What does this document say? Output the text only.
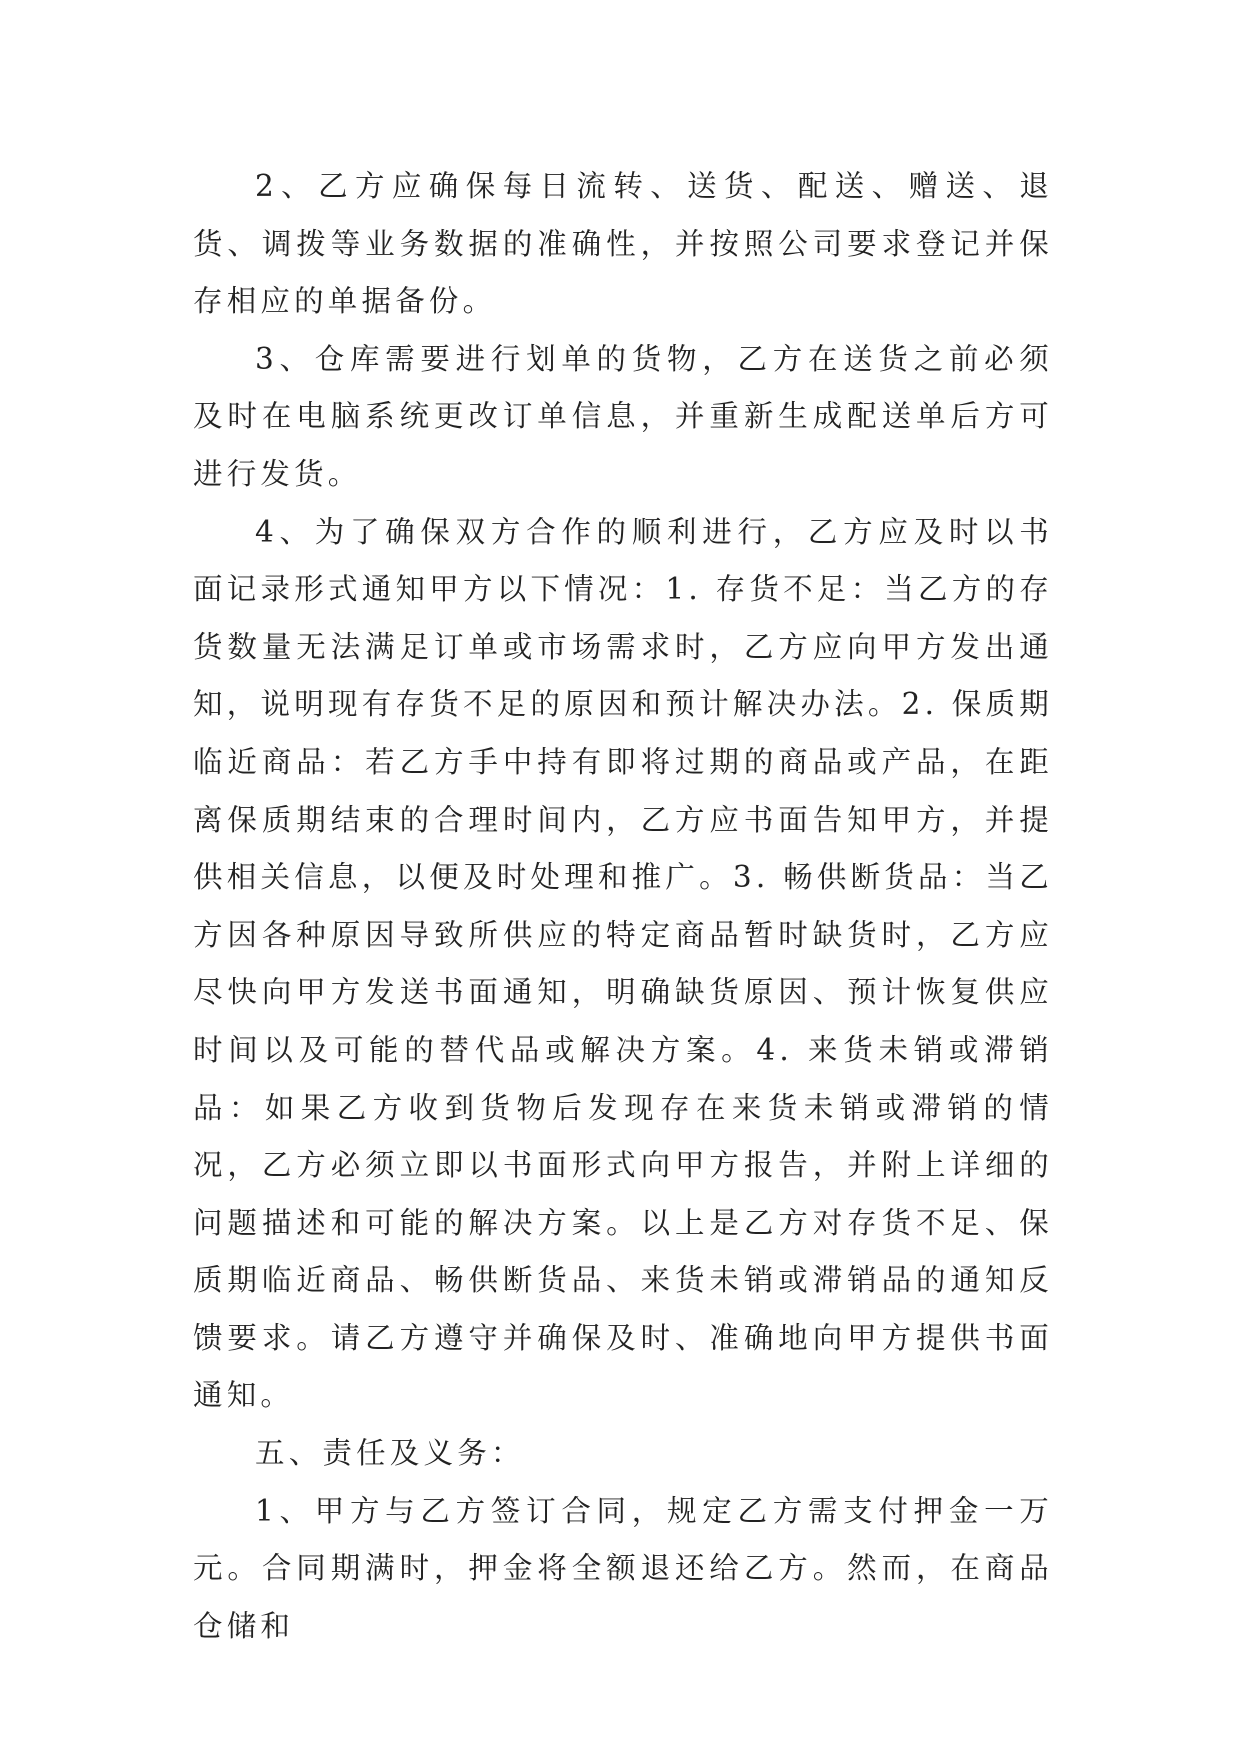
2、乙方应确保每日流转、送货、配送、赠送、退货、调拨等业务数据的准确性，并按照公司要求登记并保存相应的单据备份。

3、仓库需要进行划单的货物，乙方在送货之前必须及时在电脑系统更改订单信息，并重新生成配送单后方可进行发货。

4、为了确保双方合作的顺利进行，乙方应及时以书面记录形式通知甲方以下情况：1. 存货不足：当乙方的存货数量无法满足订单或市场需求时，乙方应向甲方发出通知，说明现有存货不足的原因和预计解决办法。2. 保质期临近商品：若乙方手中持有即将过期的商品或产品，在距离保质期结束的合理时间内，乙方应书面告知甲方，并提供相关信息，以便及时处理和推广。3. 畅供断货品：当乙方因各种原因导致所供应的特定商品暂时缺货时，乙方应尽快向甲方发送书面通知，明确缺货原因、预计恢复供应时间以及可能的替代品或解决方案。4. 来货未销或滞销品：如果乙方收到货物后发现存在来货未销或滞销的情况，乙方必须立即以书面形式向甲方报告，并附上详细的问题描述和可能的解决方案。以上是乙方对存货不足、保质期临近商品、畅供断货品、来货未销或滞销品的通知反馈要求。请乙方遵守并确保及时、准确地向甲方提供书面通知。

五、责任及义务：

1、甲方与乙方签订合同，规定乙方需支付押金一万元。合同期满时，押金将全额退还给乙方。然而，在商品仓储和
